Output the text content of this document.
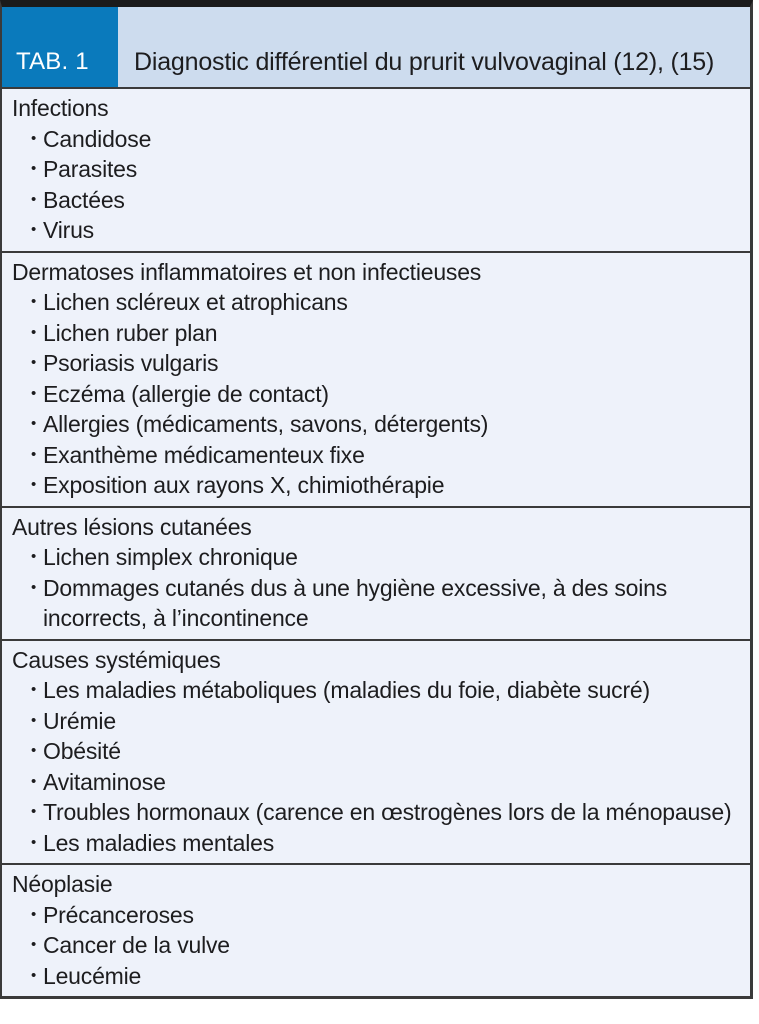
TAB. 1 Diagnostic différentiel du prurit vulvovaginal (12), (15)
Infections
• Candidose
• Parasites
• Bactées
• Virus
Dermatoses inflammatoires et non infectieuses
• Lichen scléreux et atrophicans
• Lichen ruber plan
• Psoriasis vulgaris
• Eczéma (allergie de contact)
• Allergies (médicaments, savons, détergents)
• Exanthème médicamenteux fixe
• Exposition aux rayons X, chimiothérapie
Autres lésions cutanées
• Lichen simplex chronique
• Dommages cutanés dus à une hygiène excessive, à des soins incorrects, à l’incontinence
Causes systémiques
• Les maladies métaboliques (maladies du foie, diabète sucré)
• Urémie
• Obésité
• Avitaminose
• Troubles hormonaux (carence en œstrogènes lors de la ménopause)
• Les maladies mentales
Néoplasie
• Précanceroses
• Cancer de la vulve
• Leucémie
